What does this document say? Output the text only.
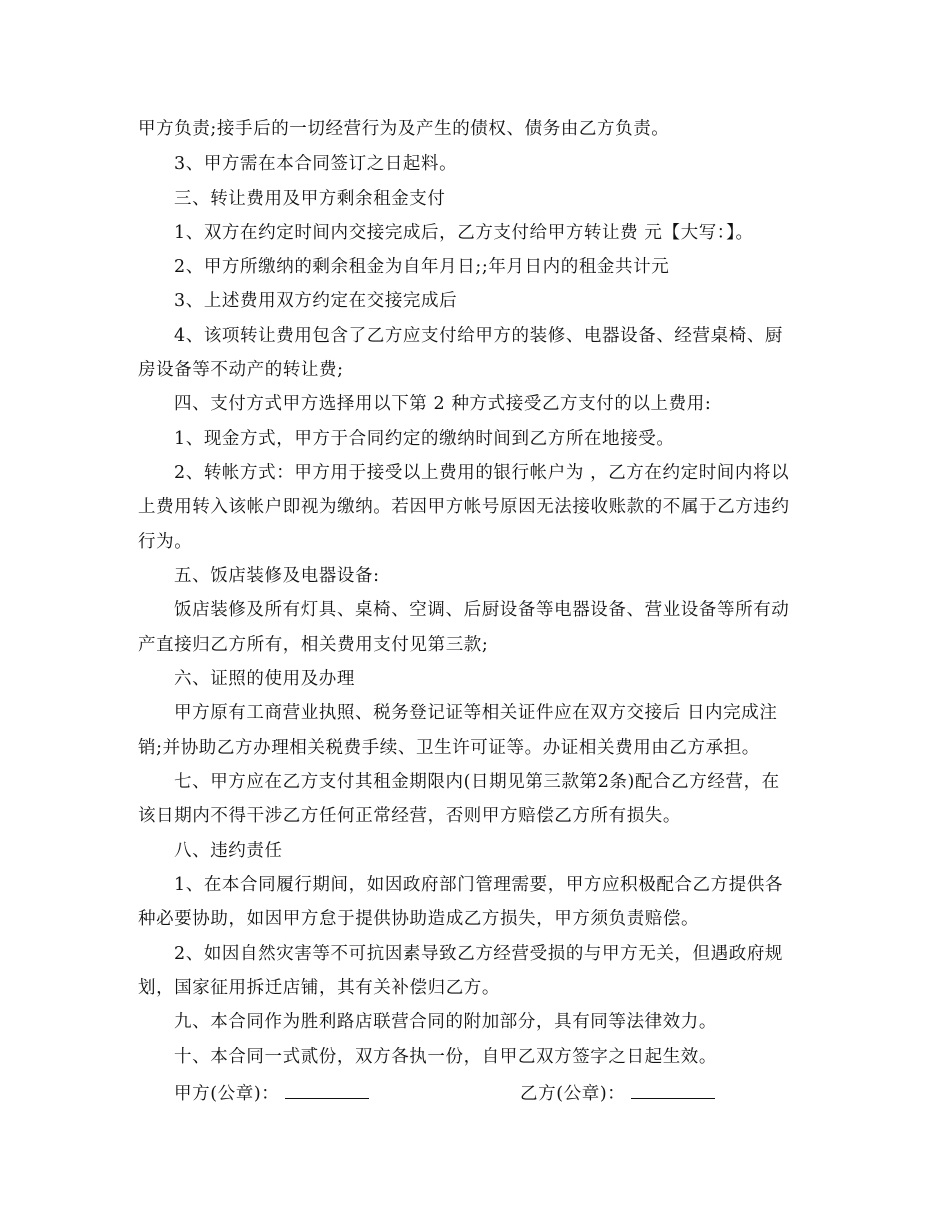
甲方负责;接手后的一切经营行为及产生的债权、债务由乙方负责。

3、甲方需在本合同签订之日起料。

三、转让费用及甲方剩余租金支付

1、双方在约定时间内交接完成后，乙方支付给甲方转让费 元【大写：】。

2、甲方所缴纳的剩余租金为自年月日;;年月日内的租金共计元

3、上述费用双方约定在交接完成后

4、该项转让费用包含了乙方应支付给甲方的装修、电器设备、经营桌椅、厨

房设备等不动产的转让费;

四、支付方式甲方选择用以下第 2 种方式接受乙方支付的以上费用:

1、现金方式，甲方于合同约定的缴纳时间到乙方所在地接受。

2、转帐方式：甲方用于接受以上费用的银行帐户为 ，乙方在约定时间内将以

上费用转入该帐户即视为缴纳。若因甲方帐号原因无法接收账款的不属于乙方违约

行为。

五、饭店装修及电器设备:

饭店装修及所有灯具、桌椅、空调、后厨设备等电器设备、营业设备等所有动

产直接归乙方所有，相关费用支付见第三款;

六、证照的使用及办理

甲方原有工商营业执照、税务登记证等相关证件应在双方交接后 日内完成注

销;并协助乙方办理相关税费手续、卫生许可证等。办证相关费用由乙方承担。

七、甲方应在乙方支付其租金期限内(日期见第三款第2条)配合乙方经营，在

该日期内不得干涉乙方任何正常经营，否则甲方赔偿乙方所有损失。

八、违约责任

1、在本合同履行期间，如因政府部门管理需要，甲方应积极配合乙方提供各

种必要协助，如因甲方怠于提供协助造成乙方损失，甲方须负责赔偿。

2、如因自然灾害等不可抗因素导致乙方经营受损的与甲方无关，但遇政府规

划，国家征用拆迁店铺，其有关补偿归乙方。

九、本合同作为胜利路店联营合同的附加部分，具有同等法律效力。

十、本合同一式贰份，双方各执一份，自甲乙双方签字之日起生效。

甲方(公章)：	乙方(公章)：
